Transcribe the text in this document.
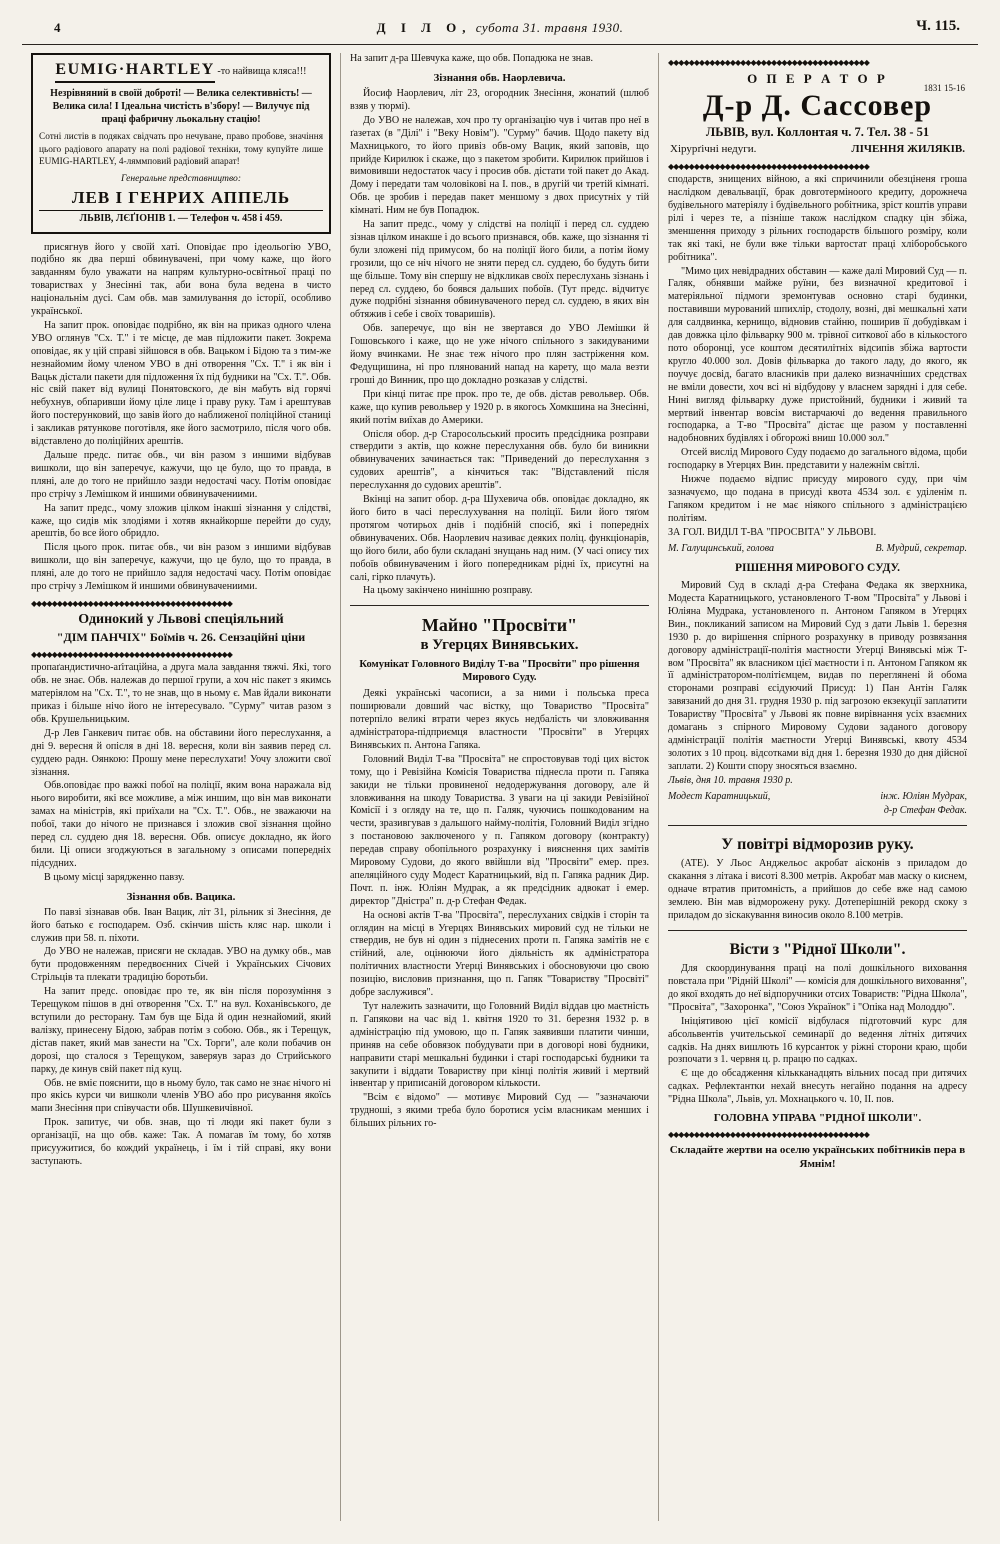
4	Д І Л О, субота 31. травня 1930.	Ч. 115.
EUMIG·HARTLEY -то найвища кляса!!!
Незрівняний в своїй доброті! — Велика селективність! — Велика сила! І Ідеальна чистість в'збору! — Вилучує під праці фабричну льокальну стацію!
Сотні листів в подяках свідчать про нечуване, право пробове, значіння цього радіового апарату на полі радіової техніки, тому купуйте лише EUMIG-HARTLEY, 4-ляммповий радіовий апарат!
Генеральне представництво:
ЛЕВ І ГЕНРИХ АППЕЛЬ
ЛЬВІВ, ЛЄҐІОНІВ 1. — Телефон ч. 458 і 459.

присягнув його у своїй хаті. Оповідає про ідеольогію УВО, подібно як два перші обвинувачені, при чому каже, що його завданням було уважати на напрям культурно-освітньої праці по товариствах у Знесінні так, аби вона була ведена в чисто національнім дусі. Сам обв. мав замилування до історії, особливо української.

На запит прок. оповідає подрібно, як він на приказ одного члена УВО оглянув "Сх. Т." і те місце, де мав підложити пакет. Зокрема оповідає, як у цій справі зійшовся в обв. Вацьком і Бідою та з тим-же незнайомим йому членом УВО в дні отворення "Сх. Т." і як він і Вацьк дістали пакети для підложення їх під будники на "Сх. Т.". Обв. ніс свій пакет від вулиці Понятовского, де він мабуть від горячі небухнув, обпаривши йому ціле лице і праву руку. Там і арештував його постерунковий, що завів його до наближеної поліційної станиці і закликав рятункове поготівля, яке його засмотрило, після чого обв. відставлено до поліційних арештів.

Дальше предс. питає обв., чи він разом з иншими відбував вишколи, що він заперечує, кажучи, що це було, що то правда, в пляні, але до того не прийшло зазди недостачі часу. Потім оповідає про стрічу з Лемішком й иншими обвинувачениими.

На запит предс., чому зложив цілком інакші зізнання у слідстві, каже, що сидів мік злодіями і хотяв якнайкорше перейти до суду, арештів, бо все його обридло.

Після цього прок. питає обв., чи він разом з иншими відбував вишколи, що він заперечує, кажучи, що це було, що то правда, в пляні, але до того не прийшло задля недостачі часу. Потім оповідає про стрічу з Лемішком й иншими обвинувачениими.

◆◆◆◆◆◆◆◆◆◆◆◆◆◆◆◆◆◆◆◆◆◆◆◆◆◆◆◆◆◆◆◆◆◆◆◆◆◆◆
Одинокий у Львові спеціяльний
"ДІМ ПАНЧІХ" Боїмів ч. 26. Сензаційні ціни
◆◆◆◆◆◆◆◆◆◆◆◆◆◆◆◆◆◆◆◆◆◆◆◆◆◆◆◆◆◆◆◆◆◆◆◆◆◆◆

пропаґандистично-аґітаційна, а друга мала завдання тяжчі. Які, того обв. не знає. Обв. належав до першої групи, а хоч ніс пакет з якимсь матеріялом на "Сх. Т.", то не знав, що в ньому є. Мав йдали виконати приказ і більше нічо його не інтересувало. "Сурму" читав разом з обв. Крушельницьким.

Д-р Лев Ганкевич питає обв. на обставини його переслухання, а дні 9. вересня й опісля в дні 18. вересня, коли він заявив перед сл. суддею радн. Оянкою: Прошу мене переслухати! Уочу зложити свої зізнання.

Обв.оповідає про важкі побої на поліції, яким вона наражала від нього виробити, які все можливе, а між иншим, що він мав виконати замах на міністрів, які приїхали на "Сх. Т.". Обв., не зважаючи на побої, таки до нічого не признався і зложив свої зізнання щойно перед сл. суддею дня 18. вересня. Обв. описує докладно, як його били. Ці описи згоджуються в загальному з описами попередніх підсудних.

В цьому місці зарядженно павзу.

Зізнання обв. Вацика.

По павзі зізнавав обв. Іван Вацик, літ 31, рільник зі Знесіння, де його батько є господарем. Озб. скінчив шість кляс нар. школи і служив при 58. п. піхоти.

До УВО не належав, присяги не складав. УВО на думку обв., мав бути продовженням передвоєнних Січей і Українських Січових Стрільців та плекати традицію боротьби.

На запит предс. оповідає про те, як він після порозуміння з Терещуком пішов в дні отворення "Сх. Т." на вул. Коханівського, де вступили до ресторану. Там був ще Біда й один незнайомий, який валізку, принесену Бідою, забрав потім з собою. Обв., як і Терещук, дістав пакет, який мав занести на "Сх. Торги", але коли побачив он дорозі, що сталося з Терещуком, заверяув зараз до Стрийського парку, де кинув свій пакет під кущ.

Обв. не вміє пояснити, що в ньому було, так само не знає нічого ні про якісь курси чи вишколи членів УВО або про рисування якоїсь мапи Знесіння при співучасти обв. Шушкевичівної.

Прок. запитує, чи обв. знав, що ті люди які пакет були з організації, на що обв. каже: Так. А помагав їм тому, бо хотяв присуужитися, бо кождий українець, і їм і тій справі, яку вони заступають.

На запит д-ра Шевчука каже, що обв. Попадюка не знав.

Зізнання обв. Наорлевича.

Йосиф Наорлевич, літ 23, огородник Знесіння, жонатий (шлюб взяв у тюрмі).

До УВО не належав, хоч про ту організацію чув і читав про неї в ґазетах (в "Ділі" і "Веку Новім"). "Сурму" бачив. Щодо пакету від Махницького, то його привіз обв-ому Вацик, який заповів, що прийде Кирилюк і скаже, що з пакетом зробити. Кирилюк прийшов і вимовивши недостаток часу і просив обв. дістати той пакет до Акад. Дому і передати там чоловікові на І. пов., в другій чи третій кімнаті. Обв. це зробив і передав пакет меншому з двох присутніх у тій кімнаті. Ним не був Попадюк.

На запит предс., чому у слідстві на поліції і перед сл. суддею зізнав цілком инакше і до всього признався, обв. каже, що зізнання ті були зложені під примусом, бо на поліції його били, а потім йому грозили, що се ніч нічого не зняти перед сл. суддею, бо будуть бити ще більше. Тому він спершу не відкликав своїх переслухань зізнань і перед сл. суддею, бо боявся дальших побоїв. (Тут предс. відчитує дуже подрібні зізнання обвинуваченого перед сл. суддею, в яких він обтяжив і себе і своїх товаришів).

Обв. заперечує, що він не звертався до УВО Лемішки й Гошовського і каже, що не уже нічого спільного з закидуваними йому вчинками. Не знає теж нічого про плян застріження ком. Федущишина, ні про плянований напад на карету, що мала везти гроші до Винник, про що докладно розказав у слідстві.

При кінці питає пре прок. про те, де обв. дістав револьвер. Обв. каже, що купив револьвер у 1920 р. в якогось Хомкшина на Знесінні, який потім виїхав до Америки.

Опісля обор. д-р Старосольський просить предсідника розправи ствердити з актів, що кожне переслухання обв. було би виникни обвинувачених зачинається так: "Приведений до переслухання з судових арештів", а кінчиться так: "Відставлений після переслухання до судових арештів".

Вкінці на запит обор. д-ра Шухевича обв. оповідає докладно, як його бито в часі переслухування на поліції. Били його тяґом протягом чотирьох днів і подібній спосіб, які і попередніх обвинувачених. Обв. Наорлевич називає деяких поліц. функціонарів, що його били, або були складані знущань над ним. (У часі опису тих побоїв обвинуваченим і його попередникам рідні їх, присутні на салі, гірко плачуть).

На цьому закінчено нинішню розправу.

Майно "Просвіти"
в Угерцях Винявських.
Комунікат Головного Виділу Т-ва "Просвіти" про рішення Мирового Суду.

Деякі українські часописи, а за ними і польська преса поширювали довший час вістку, що Товариство "Просвіта" потерпіло великі втрати через якусь недбалість чи зловживання адміністратора-підприємця властности "Просвіти" в Угерцях Винявських п. Антона Гапяка.

Головний Виділ Т-ва "Просвіта" не спростовував тоді цих вісток тому, що і Ревізійна Комісія Товариства піднесла проти п. Гапяка закиди не тільки провиненої недодержування договору, але й зловживання на шкоду Товариства. З уваги на ці закиди Ревізійної Комісії і з огляду на те, що п. Галяк, чуючись пошкодованим на чести, зразивгував з дальшого найму-політія, Головний Виділ згідно з постановою заключеного у п. Гапяком договору (контрактy) передав справу обопільного розрахунку і вияснення цих замітів Мировому Судови, до якого ввійшли від "Просвіти" емер. през. апеляційного суду Модест Каратницький, від п. Гапяка радник Дир. Почт. п. інж. Юліян Мудрак, а як предсідник адвокат і емер. директор "Дністра" п. д-р Стефан Федак.

На основі актів Т-ва "Просвіта", переслуханих свідків і сторін та оглядин на місці в Угерцях Винявських мировий суд не тільки не ствердив, не був ні один з піднесених проти п. Гапяка замітів не є стійний, але, оцінюючи його діяльність як адміністратора політичних властности Угерці Винявських і обосновуючи цю свою позицію, висловив признання, що п. Гапяк "Товариству "Просвіті" добре заслужився".

Тут належить зазначити, що Головний Виділ віддав цю маєтність п. Гапякови на час від 1. квітня 1920 то 31. березня 1932 р. в адміністрацію під умовою, що п. Гапяк заявивши платити чинши, приняв на себе обовязок побудувати при в договорі нові будники, направити старі мешкальні будинки і старі господарські будники та закупити і віддати Товариству при кінці політія живий і мертвий інвентар у приписаній договором кількости.

"Всім є відомо" — мотивує Мировий Суд — "зазначаючи трудноші, з якими треба було боротися усім власникам менших і більших рільних го-

◆◆◆◆◆◆◆◆◆◆◆◆◆◆◆◆◆◆◆◆◆◆◆◆◆◆◆◆◆◆◆◆◆◆◆◆◆◆◆
1831 15-16
О П Е Р А Т О Р
Д-р Д. Сассовер
ЛЬВІВ, вул. Коллонтая ч. 7. Тел. 38 - 51
Хірурґічні недуги.	ЛІЧЕННЯ ЖИЛЯКІВ.
◆◆◆◆◆◆◆◆◆◆◆◆◆◆◆◆◆◆◆◆◆◆◆◆◆◆◆◆◆◆◆◆◆◆◆◆◆◆◆

сподарств, знищених війною, а які спричинили обезціненя гроша наслідком девальвації, брак довготерміноого кредиту, дорожнеча будівельного матеріялу і будівельного робітника, зріст коштів управи рілі і через те, а пізніше також наслідком спадку цін збіжа, зменшення приходу з рільних господарств більшого розміру, коли так які такі, не були вже тільки вартостат праці хліборобського робітника".

"Мимо цих невідрадних обставин — каже далі Мировий Суд — п. Галяк, обнявши майже руїни, без визначної кредитової і матеріяльної підмоги зремонтував основно старі будинки, поставивши мурований шпихлір, стодолу, возні, дві мешкальні хати для салдвинка, кернищо, відновив стайню, поширив її добудівкам і дав довжка ціло фільварку 900 м. трівної ситкової або в кількостого пото оборонці, усе коштом десятилітніх відсипів збіжа вартости кругло 40.000 зол. Довів фільварка до такого ладу, до якого, як поучує досвід, багато власників при далеко визначніших средствах не вміли довести, хоч всі ні відбудову у власнем зарядні і для себе. Нині вигляд фільварку дуже пристойний, будники і живий та мертвий інвентар вовсім вистарчаючі до ведення правильного господарка, а Т-во "Просвіта" дістає ще разом у поставленні надобновних будівлях і обгорожі вниш 10.000 зол."

Отсей вислід Мирового Суду подаємо до загального відома, щоби господарку в Угерцях Вин. представити у належнім світлі.

Нижче подаємо відпис присуду мирового суду, при чім зазначуємо, що подана в присуді квота 4534 зол. є уділенім п. Гапяком кредитом і не має ніякого спільного з адміністрацією політіям.

ЗА ГОЛ. ВИДІЛ Т-ВА "ПРОСВІТА" У ЛЬВОВІ.

М. Галущинський, голова	В. Мудрий, секретар.
РІШЕННЯ МИРОВОГО СУДУ.

Мировий Суд в складі д-ра Стефана Федака як зверхника, Модеста Каратницького, установленого Т-вом "Просвіта" у Львові і Юліяна Мудрака, установленого п. Антоном Гапяком в Угерцях Вин., покликаний записом на Мировий Суд з дати Львів 1. березня 1930 р. до вирішення спірного розрахунку в приводу розвязання договору адміністрації-політія мастности Угерці Винявські між Т-вом "Просвіта" як власником цієї маєтности і п. Антоном Гапяком як її адміністратором-політіємцем, видав по переглянені й обома сторонами розправі єсідуючий Присуд: 1) Пан Антін Галяк завязаний до дня 31. грудня 1930 р. під загрозою екзекуції заплатити Товариству "Просвіта" у Львові як повне вирівнання усіх взаємних домагань з спірного Мировому Судови заданого договору адміністрації політія маєтности Угерці Винявські, квоту 4534 золотих з 10 проц. відсотками від дня 1. березня 1930 до дня дійсної заплати. 2) Кошти спору зносяться взаємно.

Львів, дня 10. травня 1930 р.

Модест Каратницький,	інж. Юліян Мудрак,
д-р Стефан Федак.
У повітрі відморозив руку.

(АТЕ). У Льос Анджельос акробат аісконів з приладом до скакання з літака і висоті 8.300 метрів. Акробат мав маску о киснем, одначе втратив притомність, а прийшов до себе вже над самою землею. Він мав відморожену руку. Дотеперішній рекорд скоку з приладом до зіскакування виносив около 8.100 метрів.

Вісти з "Рідної Школи".

Для скоординування праці на полі дошкільного виховання повстала при "Рідній Школі" — комісія для дошкільного виховання", до якої входять до неї відпоручники отсих Товариств: "Рідна Школа", "Просвіта", "Захоронка", "Союз Українок" і "Опіка над Молоддю".

Ініціятивою цієї комісії відбулася підготовчий курс для абсольвентів учительської семинарії до ведення літніх дитячих садків. На днях вишлють 16 курсанток у ріжні сторони краю, щоби розпочати з 1. червня ц. р. працю по садках.

Є ще до обсадження кількканадцять вільних посад при дитячих садках. Рефлектантки нехай внесуть негайно подання на адресу "Рідна Школа", Львів, ул. Мохнацького ч. 10, II. пов.

ГОЛОВНА УПРАВА "РІДНОЇ ШКОЛИ".
◆◆◆◆◆◆◆◆◆◆◆◆◆◆◆◆◆◆◆◆◆◆◆◆◆◆◆◆◆◆◆◆◆◆◆◆◆◆◆
Складайте жертви на оселю українських побітників пера в Ямнім!
